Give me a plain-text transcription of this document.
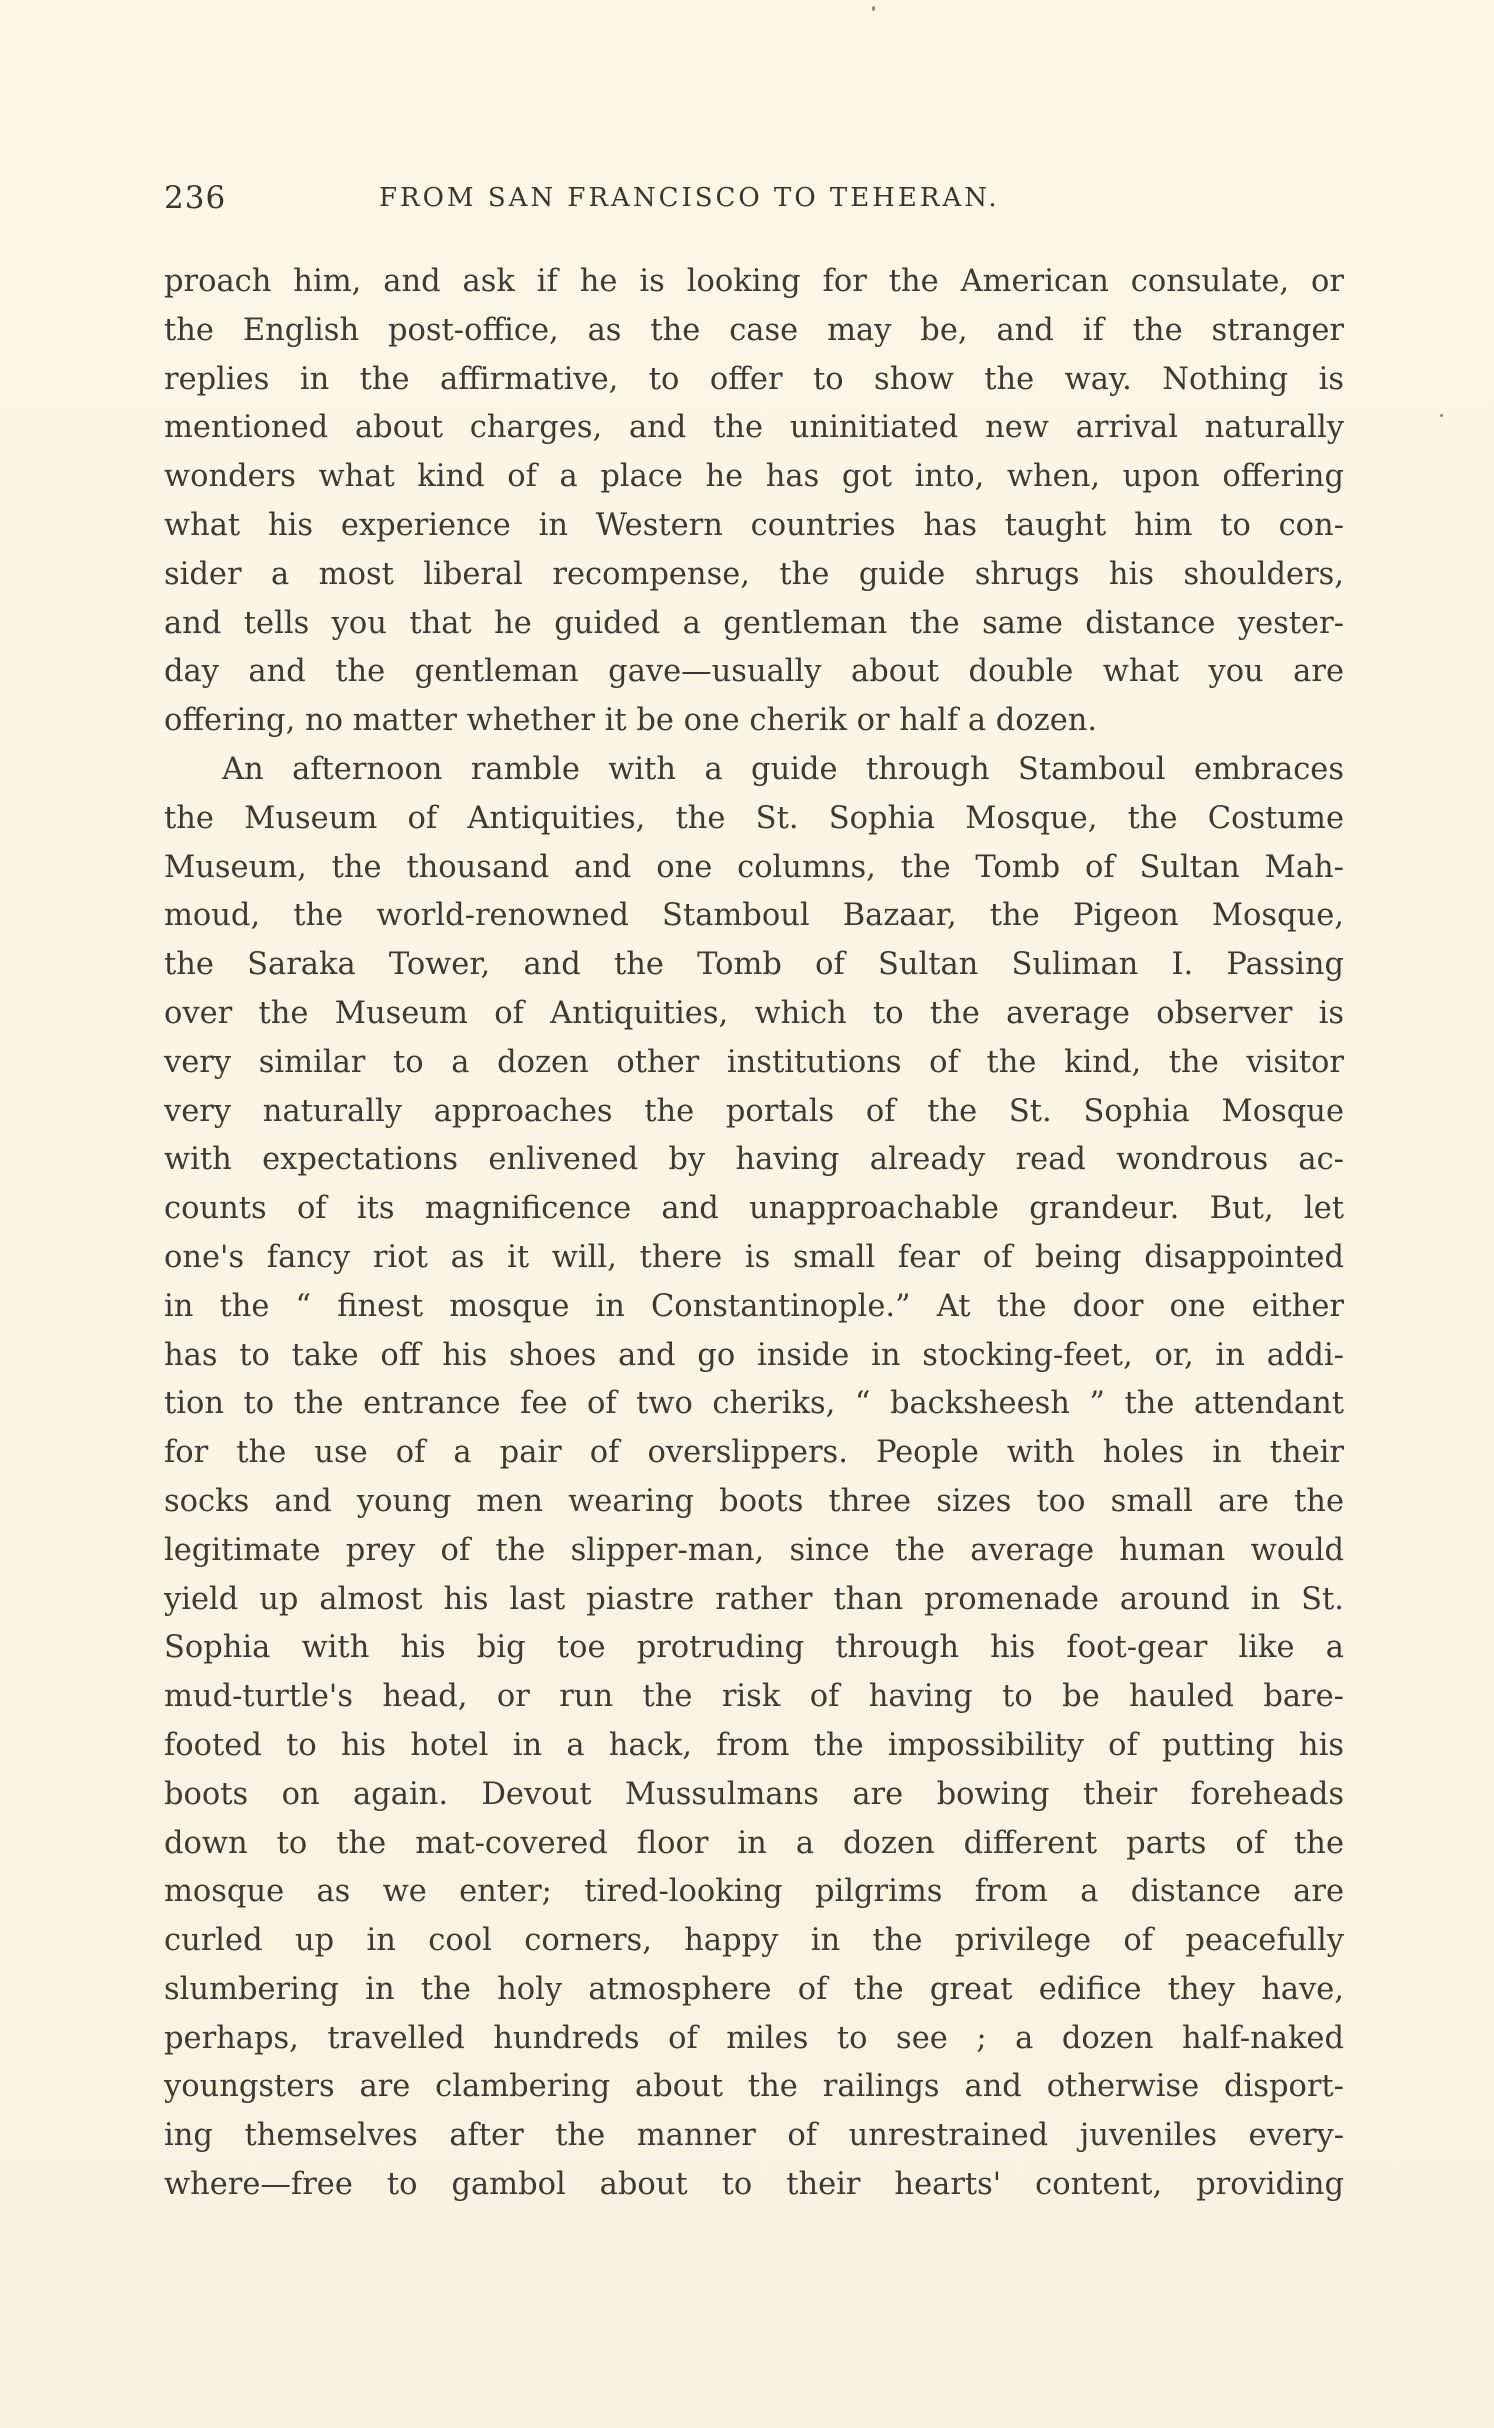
236	FROM SAN FRANCISCO TO TEHERAN.
proach him, and ask if he is looking for the American consulate, or
the English post-office, as the case may be, and if the stranger
replies in the affirmative, to offer to show the way. Nothing is
mentioned about charges, and the uninitiated new arrival naturally
wonders what kind of a place he has got into, when, upon offering
what his experience in Western countries has taught him to con-
sider a most liberal recompense, the guide shrugs his shoulders,
and tells you that he guided a gentleman the same distance yester-
day and the gentleman gave—usually about double what you are
offering, no matter whether it be one cherik or half a dozen.
An afternoon ramble with a guide through Stamboul embraces
the Museum of Antiquities, the St. Sophia Mosque, the Costume
Museum, the thousand and one columns, the Tomb of Sultan Mah-
moud, the world-renowned Stamboul Bazaar, the Pigeon Mosque,
the Saraka Tower, and the Tomb of Sultan Suliman I. Passing
over the Museum of Antiquities, which to the average observer is
very similar to a dozen other institutions of the kind, the visitor
very naturally approaches the portals of the St. Sophia Mosque
with expectations enlivened by having already read wondrous ac-
counts of its magnificence and unapproachable grandeur. But, let
one's fancy riot as it will, there is small fear of being disappointed
in the “ finest mosque in Constantinople.” At the door one either
has to take off his shoes and go inside in stocking-feet, or, in addi-
tion to the entrance fee of two cheriks, “ backsheesh ” the attendant
for the use of a pair of overslippers. People with holes in their
socks and young men wearing boots three sizes too small are the
legitimate prey of the slipper-man, since the average human would
yield up almost his last piastre rather than promenade around in St.
Sophia with his big toe protruding through his foot-gear like a
mud-turtle's head, or run the risk of having to be hauled bare-
footed to his hotel in a hack, from the impossibility of putting his
boots on again. Devout Mussulmans are bowing their foreheads
down to the mat-covered floor in a dozen different parts of the
mosque as we enter; tired-looking pilgrims from a distance are
curled up in cool corners, happy in the privilege of peacefully
slumbering in the holy atmosphere of the great edifice they have,
perhaps, travelled hundreds of miles to see ; a dozen half-naked
youngsters are clambering about the railings and otherwise disport-
ing themselves after the manner of unrestrained juveniles every-
where—free to gambol about to their hearts' content, providing
